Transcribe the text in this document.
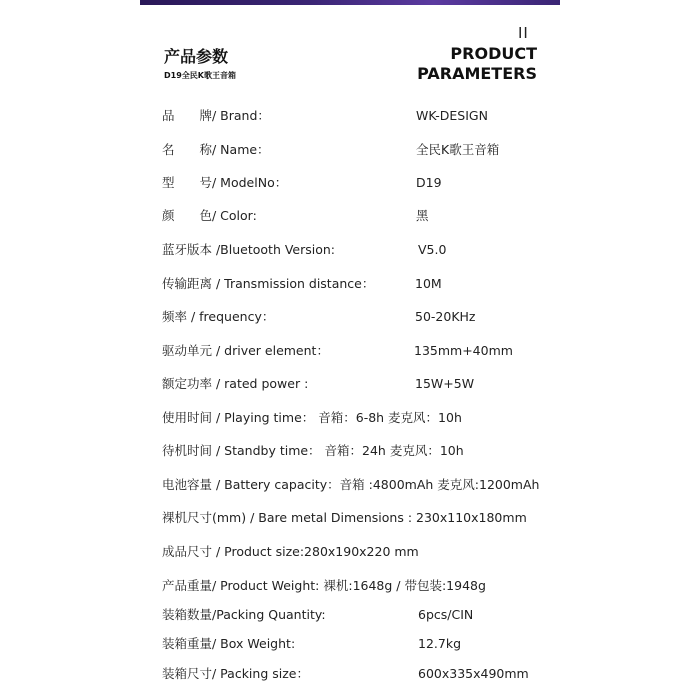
II
产品参数
D19全民K歌王音箱
PRODUCT
PARAMETERS
品　　牌/ Brand：	WK-DESIGN
名　　称/ Name：	全民K歌王音箱
型　　号/ ModelNo：	D19
颜　　色/ Color:	黑
蓝牙版本 /Bluetooth Version:	V5.0
传输距离 / Transmission distance：	10M
频率 / frequency：	50-20KHz
驱动单元 / driver element：	135mm+40mm
额定功率 / rated power :	15W+5W
使用时间 / Playing time： 音箱：6-8h 麦克风：10h
待机时间 / Standby time： 音箱：24h 麦克风：10h
电池容量 / Battery capacity：音箱 :4800mAh 麦克风:1200mAh
裸机尺寸(mm) / Bare metal Dimensions : 230x110x180mm
成品尺寸 / Product size:280x190x220 mm
产品重量/ Product Weight: 裸机:1648g / 带包装:1948g
装箱数量/Packing Quantity:	6pcs/CIN
装箱重量/ Box Weight:	12.7kg
装箱尺寸/ Packing size：	600x335x490mm
